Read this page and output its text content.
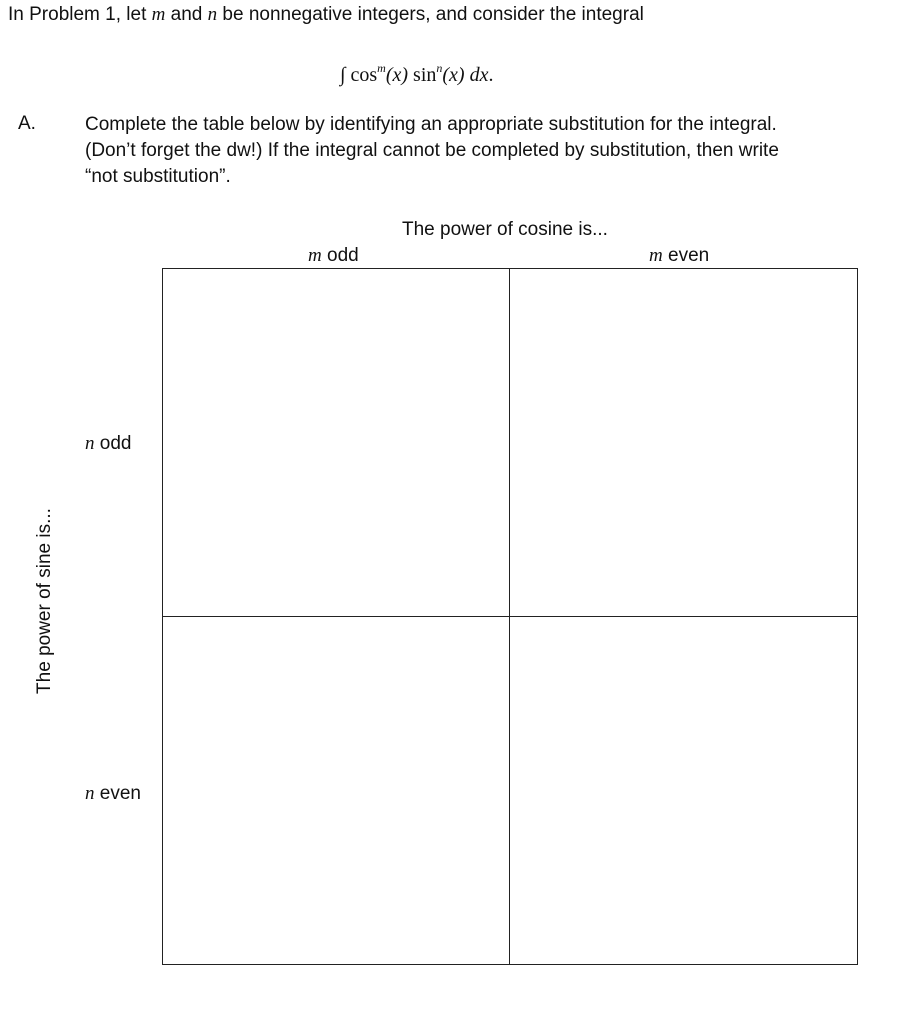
In Problem 1, let m and n be nonnegative integers, and consider the integral
∫ $\cos^m(x)$ $\sin^n(x)$ dx.
A.	Complete the table below by identifying an appropriate substitution for the integral.
(Don’t forget the dw!) If the integral cannot be completed by substitution, then write
“not substitution”.
The power of cosine is...
m odd	m even
n odd
n even
The power of sine is...
